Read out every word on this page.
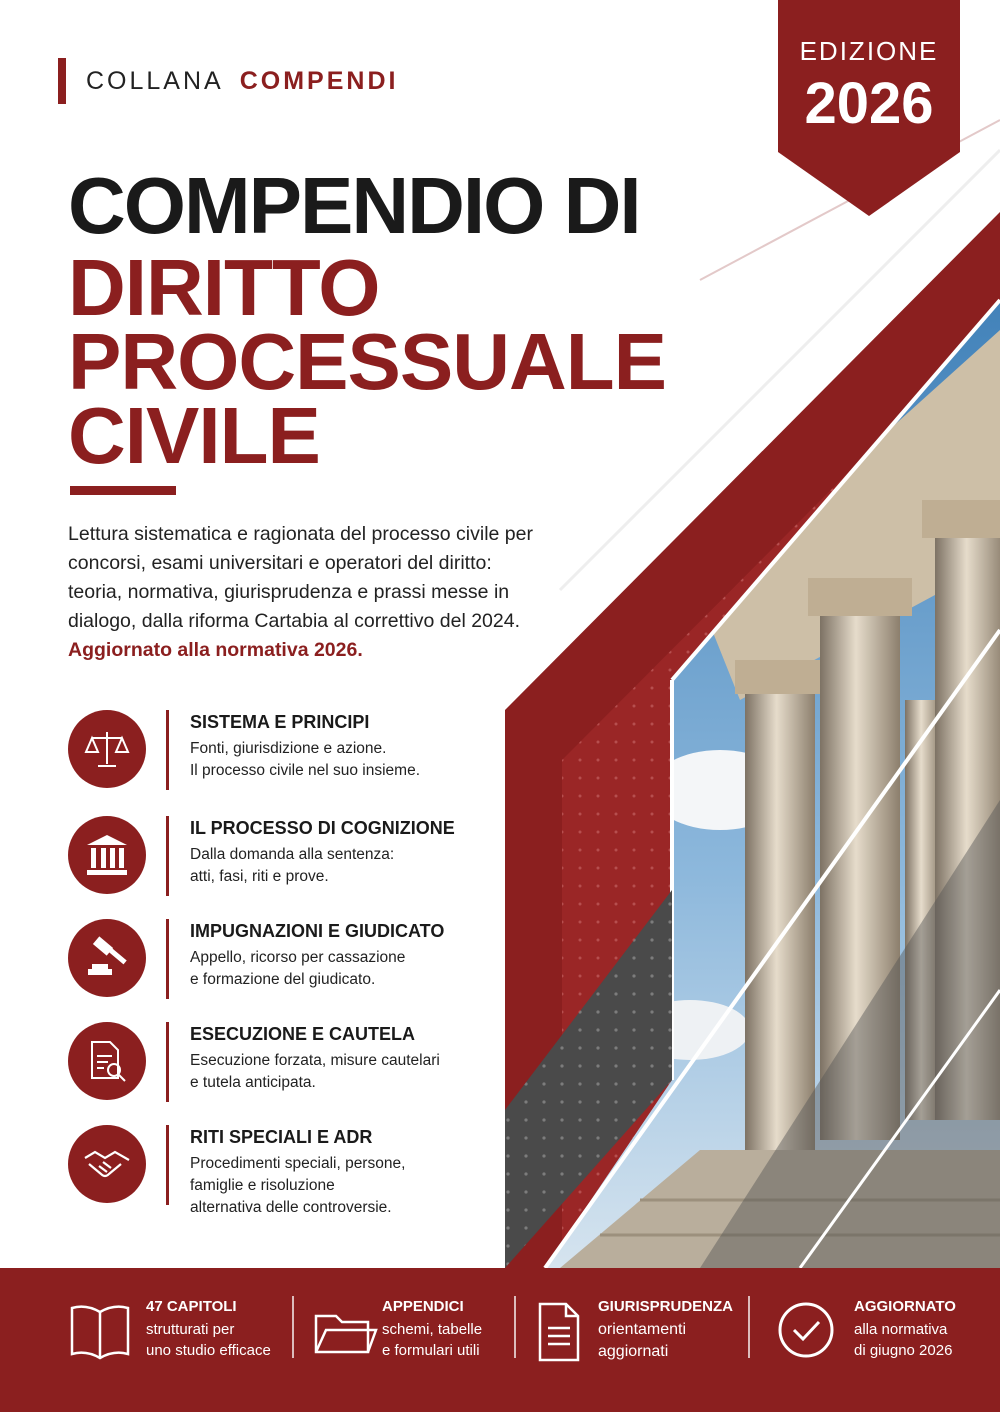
COLLANA COMPENDI
EDIZIONE
2026
COMPENDIO DI
DIRITTO
PROCESSUALE
CIVILE

Lettura sistematica e ragionata del processo civile per concorsi, esami universitari e operatori del diritto: teoria, normativa, giurisprudenza e prassi messe in dialogo, dalla riforma Cartabia al correttivo del 2024. Aggiornato alla normativa 2026.

SISTEMA E PRINCIPI
Fonti, giurisdizione e azione.
Il processo civile nel suo insieme.
IL PROCESSO DI COGNIZIONE
Dalla domanda alla sentenza:
atti, fasi, riti e prove.
IMPUGNAZIONI E GIUDICATO
Appello, ricorso per cassazione
e formazione del giudicato.
ESECUZIONE E CAUTELA
Esecuzione forzata, misure cautelari
e tutela anticipata.
RITI SPECIALI E ADR
Procedimenti speciali, persone,
famiglie e risoluzione
alternativa delle controversie.
47 CAPITOLI
strutturati per
uno studio efficace
APPENDICI
schemi, tabelle
e formulari utili
GIURISPRUDENZA
orientamenti
aggiornati
AGGIORNATO
alla normativa
di giugno 2026
